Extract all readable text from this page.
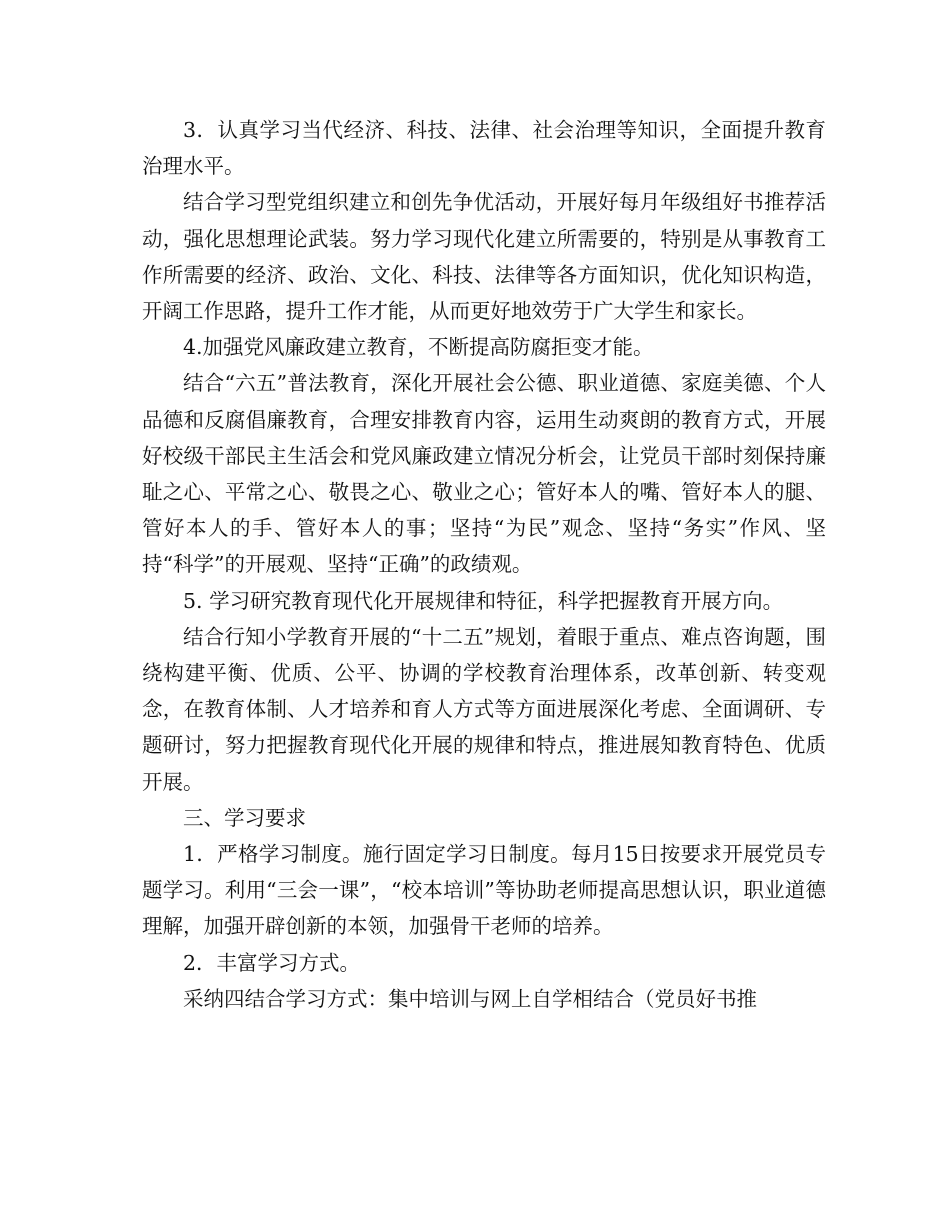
3．认真学习当代经济、科技、法律、社会治理等知识，全面提升教育治理水平。

结合学习型党组织建立和创先争优活动，开展好每月年级组好书推荐活动，强化思想理论武装。努力学习现代化建立所需要的，特别是从事教育工作所需要的经济、政治、文化、科技、法律等各方面知识，优化知识构造，开阔工作思路，提升工作才能，从而更好地效劳于广大学生和家长。

4.加强党风廉政建立教育，不断提高防腐拒变才能。

结合“六五”普法教育，深化开展社会公德、职业道德、家庭美德、个人品德和反腐倡廉教育，合理安排教育内容，运用生动爽朗的教育方式，开展好校级干部民主生活会和党风廉政建立情况分析会，让党员干部时刻保持廉耻之心、平常之心、敬畏之心、敬业之心；管好本人的嘴、管好本人的腿、管好本人的手、管好本人的事；坚持“为民”观念、坚持“务实”作风、坚持“科学”的开展观、坚持“正确”的政绩观。

5. 学习研究教育现代化开展规律和特征，科学把握教育开展方向。

结合行知小学教育开展的“十二五”规划，着眼于重点、难点咨询题，围绕构建平衡、优质、公平、协调的学校教育治理体系，改革创新、转变观念，在教育体制、人才培养和育人方式等方面进展深化考虑、全面调研、专题研讨，努力把握教育现代化开展的规律和特点，推进展知教育特色、优质开展。

三、学习要求

1．严格学习制度。施行固定学习日制度。每月15日按要求开展党员专题学习。利用“三会一课”，“校本培训”等协助老师提高思想认识，职业道德理解，加强开辟创新的本领，加强骨干老师的培养。

2．丰富学习方式。

采纳四结合学习方式：集中培训与网上自学相结合（党员好书推
